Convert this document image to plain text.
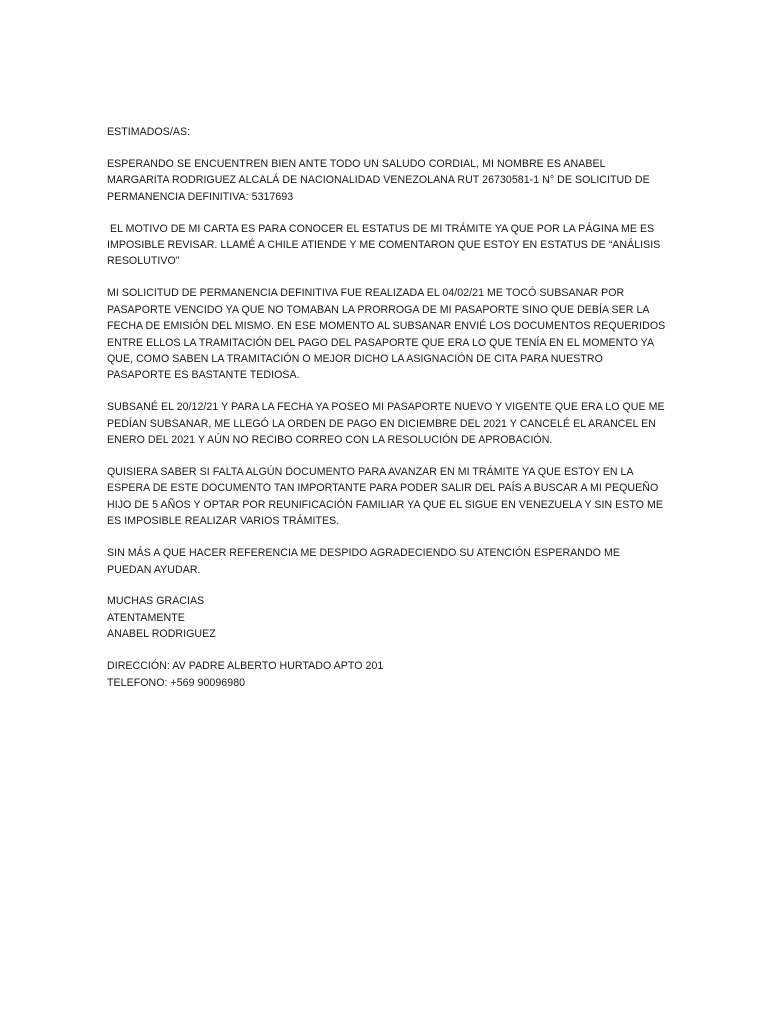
ESTIMADOS/AS:

ESPERANDO SE ENCUENTREN BIEN ANTE TODO UN SALUDO CORDIAL, MI NOMBRE ES ANABEL MARGARITA RODRIGUEZ ALCALÁ DE NACIONALIDAD VENEZOLANA RUT 26730581-1 N° DE SOLICITUD DE PERMANENCIA DEFINITIVA: 5317693

EL MOTIVO DE MI CARTA ES PARA CONOCER EL ESTATUS DE MI TRÁMITE YA QUE POR LA PÁGINA ME ES IMPOSIBLE REVISAR. LLAMÉ A CHILE ATIENDE Y ME COMENTARON QUE ESTOY EN ESTATUS DE “ANÁLISIS RESOLUTIVO”

MI SOLICITUD DE PERMANENCIA DEFINITIVA FUE REALIZADA EL 04/02/21 ME TOCÓ SUBSANAR POR PASAPORTE VENCIDO YA QUE NO TOMABAN LA PRORROGA DE MI PASAPORTE SINO QUE DEBÍA SER LA FECHA DE EMISIÓN DEL MISMO. EN ESE MOMENTO AL SUBSANAR ENVIÉ LOS DOCUMENTOS REQUERIDOS ENTRE ELLOS LA TRAMITACIÓN DEL PAGO DEL PASAPORTE QUE ERA LO QUE TENÍA EN EL MOMENTO YA QUE, COMO SABEN LA TRAMITACIÓN O MEJOR DICHO LA ASIGNACIÓN DE CITA PARA NUESTRO PASAPORTE ES BASTANTE TEDIOSA.

SUBSANÉ EL 20/12/21 Y PARA LA FECHA YA POSEO MI PASAPORTE NUEVO Y VIGENTE QUE ERA LO QUE ME PEDÍAN SUBSANAR, ME LLEGÓ LA ORDEN DE PAGO EN DICIEMBRE DEL 2021 Y CANCELÉ EL ARANCEL EN ENERO DEL 2021 Y AÚN NO RECIBO CORREO CON LA RESOLUCIÓN DE APROBACIÓN.

QUISIERA SABER SI FALTA ALGÚN DOCUMENTO PARA AVANZAR EN MI TRÁMITE YA QUE ESTOY EN LA ESPERA DE ESTE DOCUMENTO TAN IMPORTANTE PARA PODER SALIR DEL PAÍS A BUSCAR A MI PEQUEÑO HIJO DE 5 AÑOS Y OPTAR POR REUNIFICACIÓN FAMILIAR YA QUE EL SIGUE EN VENEZUELA Y SIN ESTO ME ES IMPOSIBLE REALIZAR VARIOS TRÁMITES.

SIN MÁS A QUE HACER REFERENCIA ME DESPIDO AGRADECIENDO SU ATENCIÓN ESPERANDO ME PUEDAN AYUDAR.

MUCHAS GRACIAS
ATENTAMENTE
ANABEL RODRIGUEZ
DIRECCIÓN: AV PADRE ALBERTO HURTADO APTO 201
TELEFONO: +569 90096980
